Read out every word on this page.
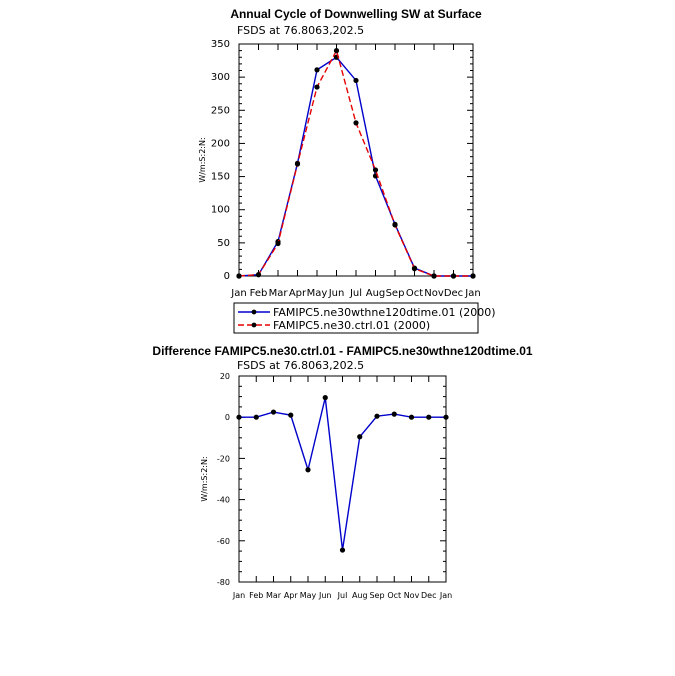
Annual Cycle of Downwelling SW at Surface
FSDS at 76.8063,202.5
0
50
100
150
200
250
300
350
W/m:S:2:N:
Jan Feb Mar Apr May Jun Jul Aug Sep Oct Nov Dec Jan
FAMIPC5.ne30wthne120dtime.01 (2000)
FAMIPC5.ne30.ctrl.01 (2000)
Difference FAMIPC5.ne30.ctrl.01 - FAMIPC5.ne30wthne120dtime.01
FSDS at 76.8063,202.5
-80
-60
-40
-20
0
20
W/m:S:2:N:
Jan Feb Mar Apr May Jun Jul Aug Sep Oct Nov Dec Jan
